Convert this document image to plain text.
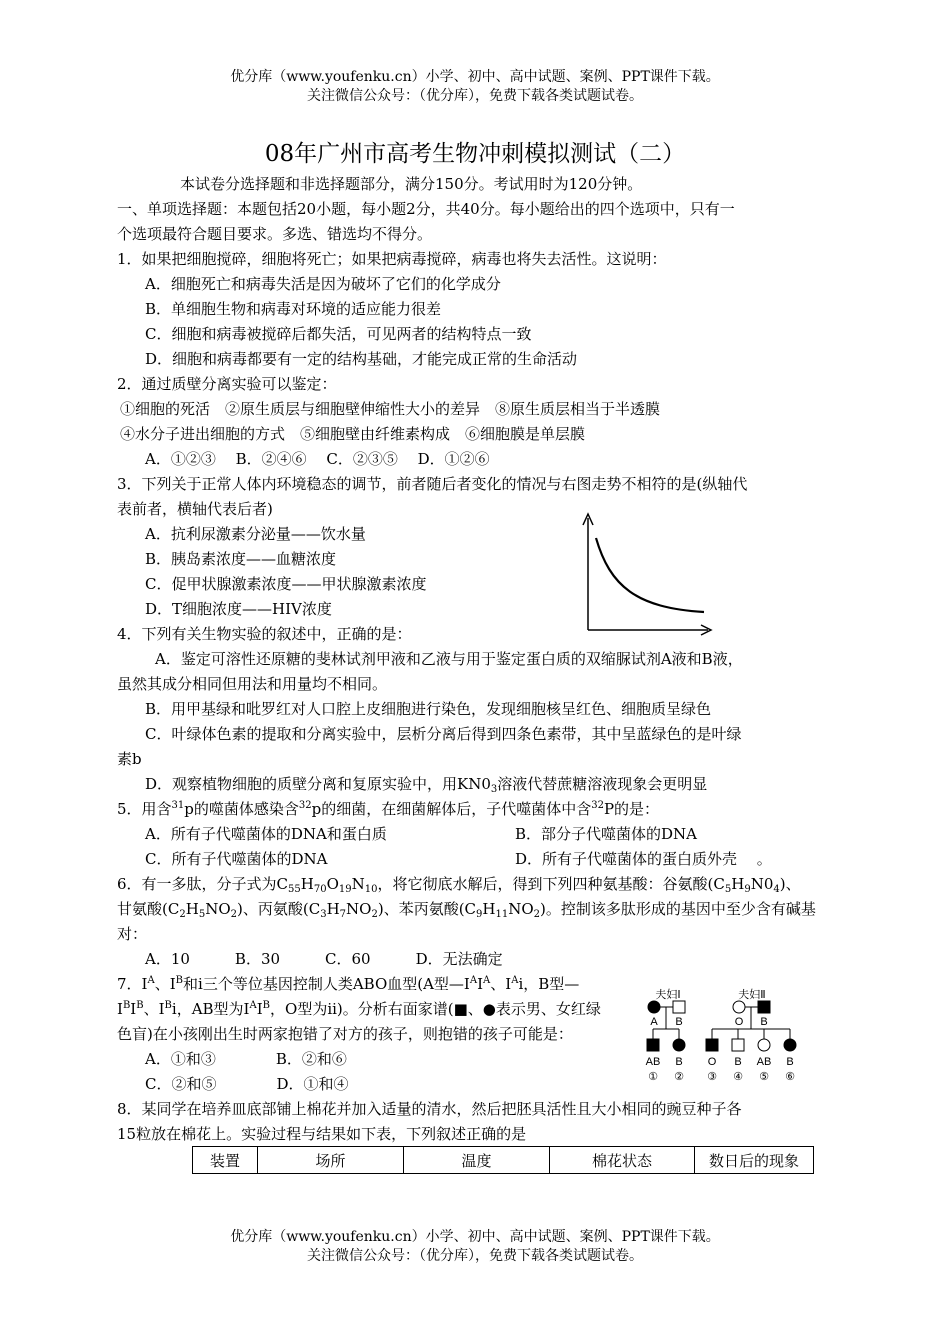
优分库（www.youfenku.cn）小学、初中、高中试题、案例、PPT课件下载。
关注微信公众号：（优分库），免费下载各类试题试卷。
08年广州市高考生物冲刺模拟测试（二）
本试卷分选择题和非选择题部分，满分150分。考试用时为120分钟。
一、单项选择题：本题包括20小题，每小题2分，共40分。每小题给出的四个选项中，只有一
个选项最符合题目要求。多选、错选均不得分。
1．如果把细胞搅碎，细胞将死亡；如果把病毒搅碎，病毒也将失去活性。这说明：
A．细胞死亡和病毒失活是因为破坏了它们的化学成分
B．单细胞生物和病毒对环境的适应能力很差
C．细胞和病毒被搅碎后都失活，可见两者的结构特点一致
D．细胞和病毒都要有一定的结构基础，才能完成正常的生命活动
2．通过质壁分离实验可以鉴定：
①细胞的死活　②原生质层与细胞壁伸缩性大小的差异　⑧原生质层相当于半透膜
④水分子进出细胞的方式　⑤细胞壁由纤维素构成　⑥细胞膜是单层膜
A．①②③　 B．②④⑥　 C．②③⑤　 D．①②⑥
3．下列关于正常人体内环境稳态的调节，前者随后者变化的情况与右图走势不相符的是(纵轴代
表前者，横轴代表后者)
A．抗利尿激素分泌量——饮水量
B．胰岛素浓度——血糖浓度
C．促甲状腺激素浓度——甲状腺激素浓度
D．T细胞浓度——HIV浓度
4．下列有关生物实验的叙述中，正确的是：
A．鉴定可溶性还原糖的斐林试剂甲液和乙液与用于鉴定蛋白质的双缩脲试剂A液和B液，
虽然其成分相同但用法和用量均不相同。
B．用甲基绿和吡罗红对人口腔上皮细胞进行染色，发现细胞核呈红色、细胞质呈绿色
C．叶绿体色素的提取和分离实验中，层析分离后得到四条色素带，其中呈蓝绿色的是叶绿
素b
D．观察植物细胞的质壁分离和复原实验中，用$KN0_3$溶液代替蔗糖溶液现象会更明显
5．用含$^{31}$p的噬菌体感染含$^{32}$p的细菌，在细菌解体后，子代噬菌体中含$^{32}$P的是：
A．所有子代噬菌体的DNA和蛋白质	B．部分子代噬菌体的DNA
C．所有子代噬菌体的DNA	D．所有子代噬菌体的蛋白质外壳　 。
6．有一多肽，分子式为$C_{55}H_{70}O_{19}N_{10}$，将它彻底水解后，得到下列四种氨基酸：谷氨酸$(C_5H_9N0_4)$、
甘氨酸$(C_2H_5NO_2)$、丙氨酸$(C_3H_7NO_2)$、苯丙氨酸$(C_9H_{11}NO_2)$。控制该多肽形成的基因中至少含有碱基
对：
A．10　　　B．30　　　C．60　　　D．无法确定
7．$I^A$、$I^B$和i三个等位基因控制人类ABO血型(A型$—I^AI^A$、$I^Ai$，B型—
$I^BI^B$、$I^Bi$，AB型为$I^AI^B$，O型为ii)。分析右面家谱(■、●表示男、女红绿
色盲)在小孩刚出生时两家抱错了对方的孩子，则抱错的孩子可能是：
A．①和③　　　　B．②和⑥
C．②和⑤　　　　D．①和④
夫妇Ⅰ
A B
AB B
① ②
夫妇Ⅱ
O B
O B AB B
③ ④ ⑤ ⑥
8．某同学在培养皿底部铺上棉花并加入适量的清水，然后把胚具活性且大小相同的豌豆种子各
15粒放在棉花上。实验过程与结果如下表，下列叙述正确的是
装置	场所	温度	棉花状态	数日后的现象
优分库（www.youfenku.cn）小学、初中、高中试题、案例、PPT课件下载。
关注微信公众号：（优分库），免费下载各类试题试卷。
